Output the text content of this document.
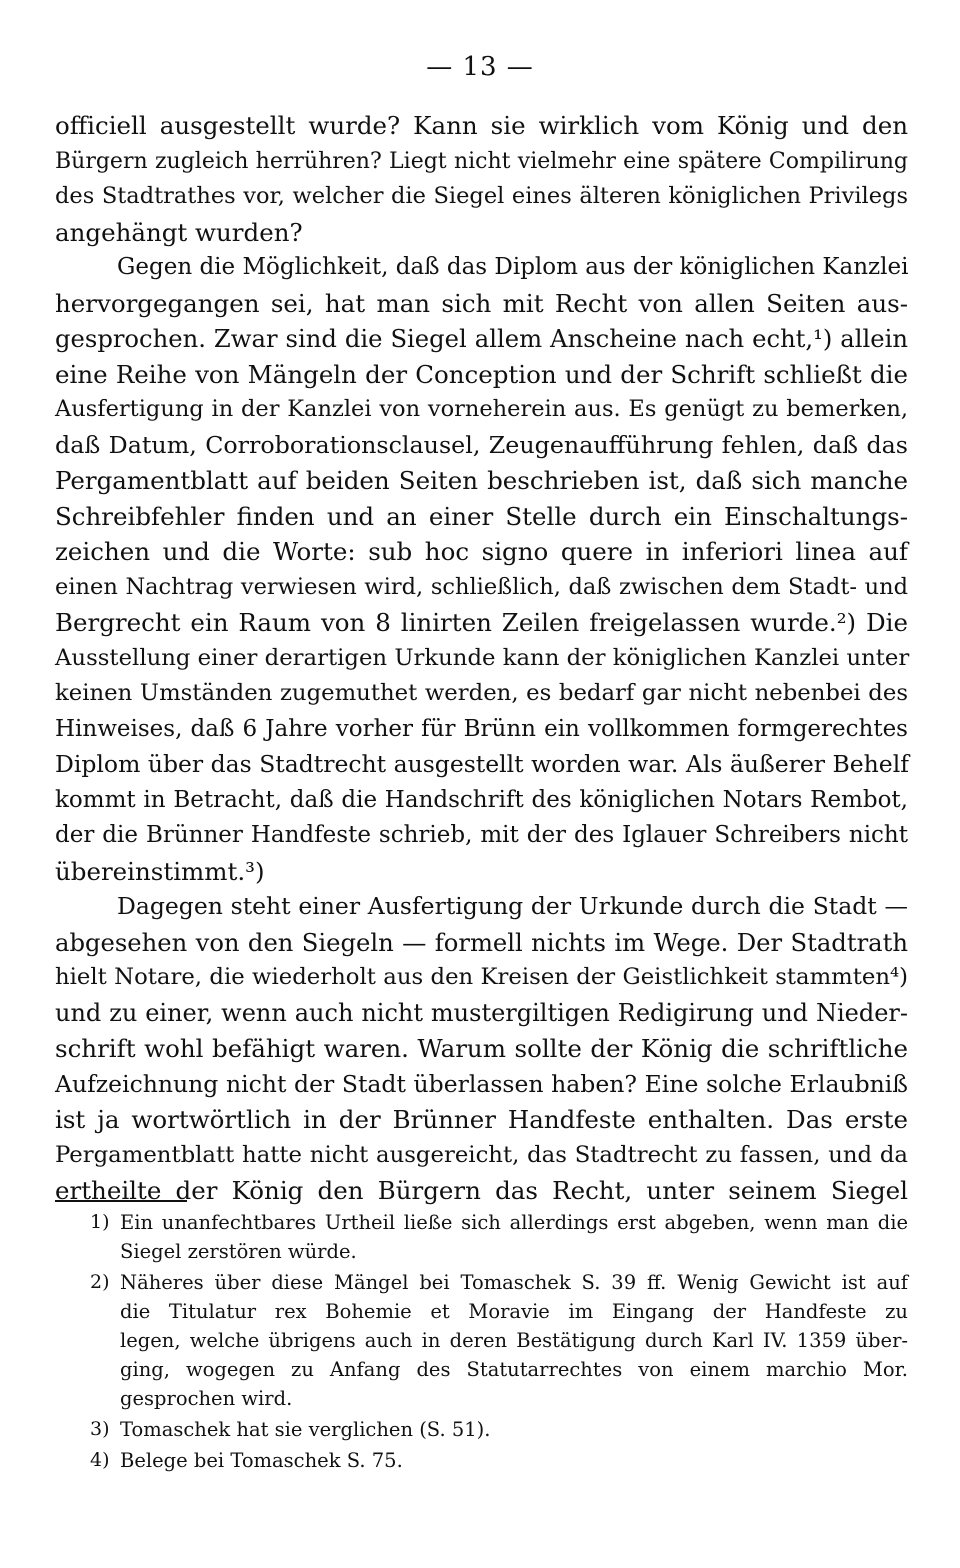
— 13 —
officiell ausgestellt wurde? Kann sie wirklich vom König und den
Bürgern zugleich herrühren? Liegt nicht vielmehr eine spätere Compilirung
des Stadtrathes vor, welcher die Siegel eines älteren königlichen Privilegs
angehängt wurden?
Gegen die Möglichkeit, daß das Diplom aus der königlichen Kanzlei
hervorgegangen sei, hat man sich mit Recht von allen Seiten aus-
gesprochen. Zwar sind die Siegel allem Anscheine nach echt,¹) allein
eine Reihe von Mängeln der Conception und der Schrift schließt die
Ausfertigung in der Kanzlei von vorneherein aus. Es genügt zu bemerken,
daß Datum, Corroborationsclausel, Zeugenaufführung fehlen, daß das
Pergamentblatt auf beiden Seiten beschrieben ist, daß sich manche
Schreibfehler finden und an einer Stelle durch ein Einschaltungs-
zeichen und die Worte: sub hoc signo quere in inferiori linea auf
einen Nachtrag verwiesen wird, schließlich, daß zwischen dem Stadt- und
Bergrecht ein Raum von 8 linirten Zeilen freigelassen wurde.²) Die
Ausstellung einer derartigen Urkunde kann der königlichen Kanzlei unter
keinen Umständen zugemuthet werden, es bedarf gar nicht nebenbei des
Hinweises, daß 6 Jahre vorher für Brünn ein vollkommen formgerechtes
Diplom über das Stadtrecht ausgestellt worden war. Als äußerer Behelf
kommt in Betracht, daß die Handschrift des königlichen Notars Rembot,
der die Brünner Handfeste schrieb, mit der des Iglauer Schreibers nicht
übereinstimmt.³)
Dagegen steht einer Ausfertigung der Urkunde durch die Stadt —
abgesehen von den Siegeln — formell nichts im Wege. Der Stadtrath
hielt Notare, die wiederholt aus den Kreisen der Geistlichkeit stammten⁴)
und zu einer, wenn auch nicht mustergiltigen Redigirung und Nieder-
schrift wohl befähigt waren. Warum sollte der König die schriftliche
Aufzeichnung nicht der Stadt überlassen haben? Eine solche Erlaubniß
ist ja wortwörtlich in der Brünner Handfeste enthalten. Das erste
Pergamentblatt hatte nicht ausgereicht, das Stadtrecht zu fassen, und da
ertheilte der König den Bürgern das Recht, unter seinem Siegel
1) Ein unanfechtbares Urtheil ließe sich allerdings erst abgeben, wenn man die
Siegel zerstören würde.
2) Näheres über diese Mängel bei Tomaschek S. 39 ff. Wenig Gewicht ist auf
die Titulatur rex Bohemie et Moravie im Eingang der Handfeste zu
legen, welche übrigens auch in deren Bestätigung durch Karl IV. 1359 über-
ging, wogegen zu Anfang des Statutarrechtes von einem marchio Mor.
gesprochen wird.
3) Tomaschek hat sie verglichen (S. 51).
4) Belege bei Tomaschek S. 75.
